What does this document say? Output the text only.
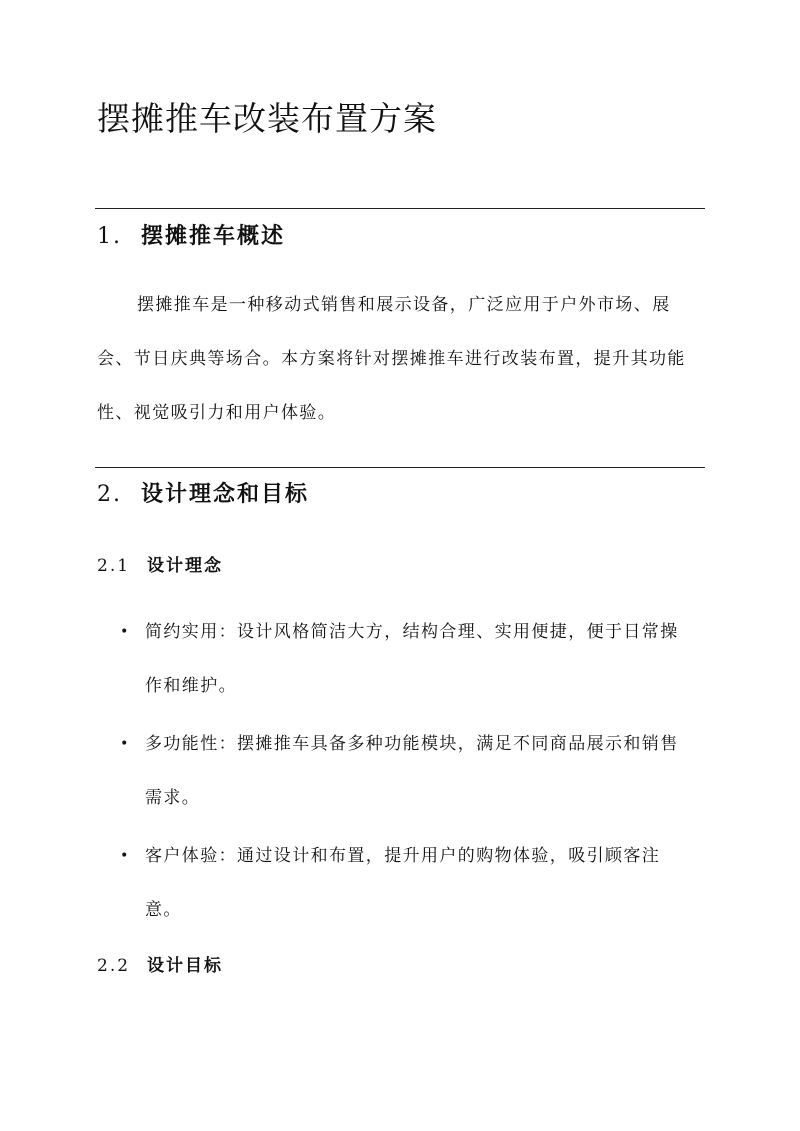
摆摊推车改装布置方案
1. 摆摊推车概述

摆摊推车是一种移动式销售和展示设备，广泛应用于户外市场、展会、节日庆典等场合。本方案将针对摆摊推车进行改装布置，提升其功能性、视觉吸引力和用户体验。

2. 设计理念和目标
2.1 设计理念
• 简约实用：设计风格简洁大方，结构合理、实用便捷，便于日常操作和维护。
• 多功能性：摆摊推车具备多种功能模块，满足不同商品展示和销售需求。
• 客户体验：通过设计和布置，提升用户的购物体验，吸引顾客注意。
2.2 设计目标
